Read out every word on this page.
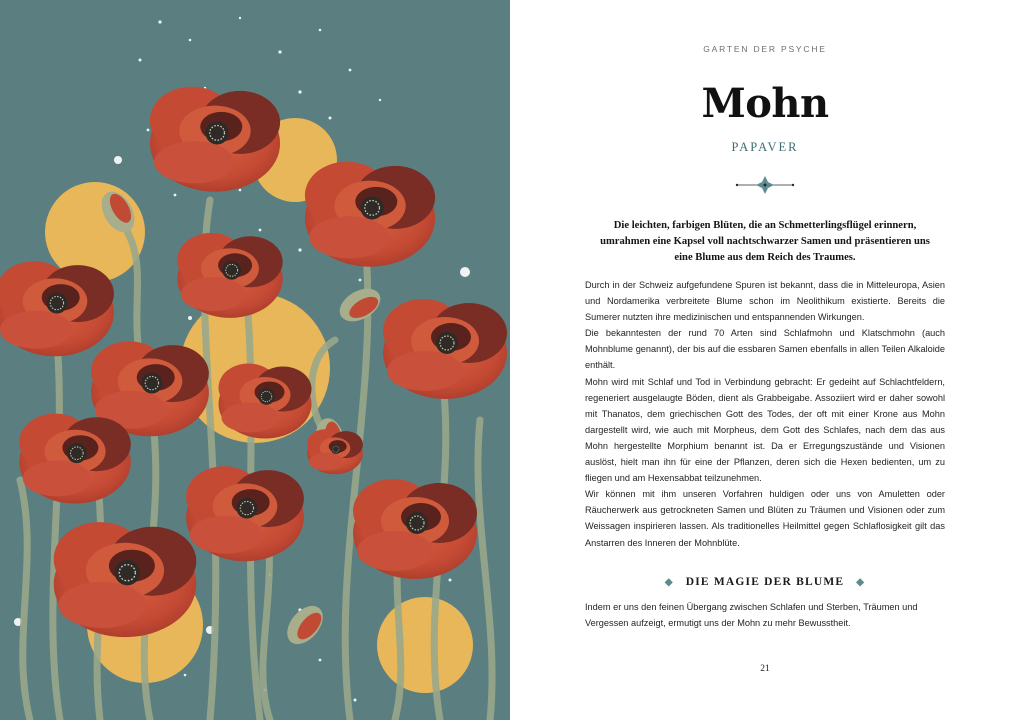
GARTEN DER PSYCHE
Mohn
PAPAVER
Die leichten, farbigen Blüten, die an Schmetterlingsflügel erinnern, umrahmen eine Kapsel voll nachtschwarzer Samen und präsentieren uns eine Blume aus dem Reich des Traumes.

Durch in der Schweiz aufgefundene Spuren ist bekannt, dass die in Mitteleuropa, Asien und Nordamerika verbreitete Blume schon im Neolithikum existierte. Bereits die Sumerer nutzten ihre medizinischen und entspannenden Wirkungen.

Die bekanntesten der rund 70 Arten sind Schlafmohn und Klatschmohn (auch Mohnblume genannt), der bis auf die essbaren Samen ebenfalls in allen Teilen Alkaloide enthält.

Mohn wird mit Schlaf und Tod in Verbindung gebracht: Er gedeiht auf Schlachtfeldern, regeneriert ausgelaugte Böden, dient als Grabbeigabe. Assoziiert wird er daher sowohl mit Thanatos, dem griechischen Gott des Todes, der oft mit einer Krone aus Mohn dargestellt wird, wie auch mit Morpheus, dem Gott des Schlafes, nach dem das aus Mohn hergestellte Morphium benannt ist. Da er Erregungszustände und Visionen auslöst, hielt man ihn für eine der Pflanzen, deren sich die Hexen bedienten, um zu fliegen und am Hexensabbat teilzunehmen.

Wir können mit ihm unseren Vorfahren huldigen oder uns von Amuletten oder Räucherwerk aus getrockneten Samen und Blüten zu Träumen und Visionen oder zum Weissagen inspirieren lassen. Als traditionelles Heilmittel gegen Schlaflosigkeit gilt das Anstarren des Inneren der Mohnblüte.

◆ DIE MAGIE DER BLUME ◆
Indem er uns den feinen Übergang zwischen Schlafen und Sterben, Träumen und Vergessen aufzeigt, ermutigt uns der Mohn zu mehr Bewusstheit.
21
